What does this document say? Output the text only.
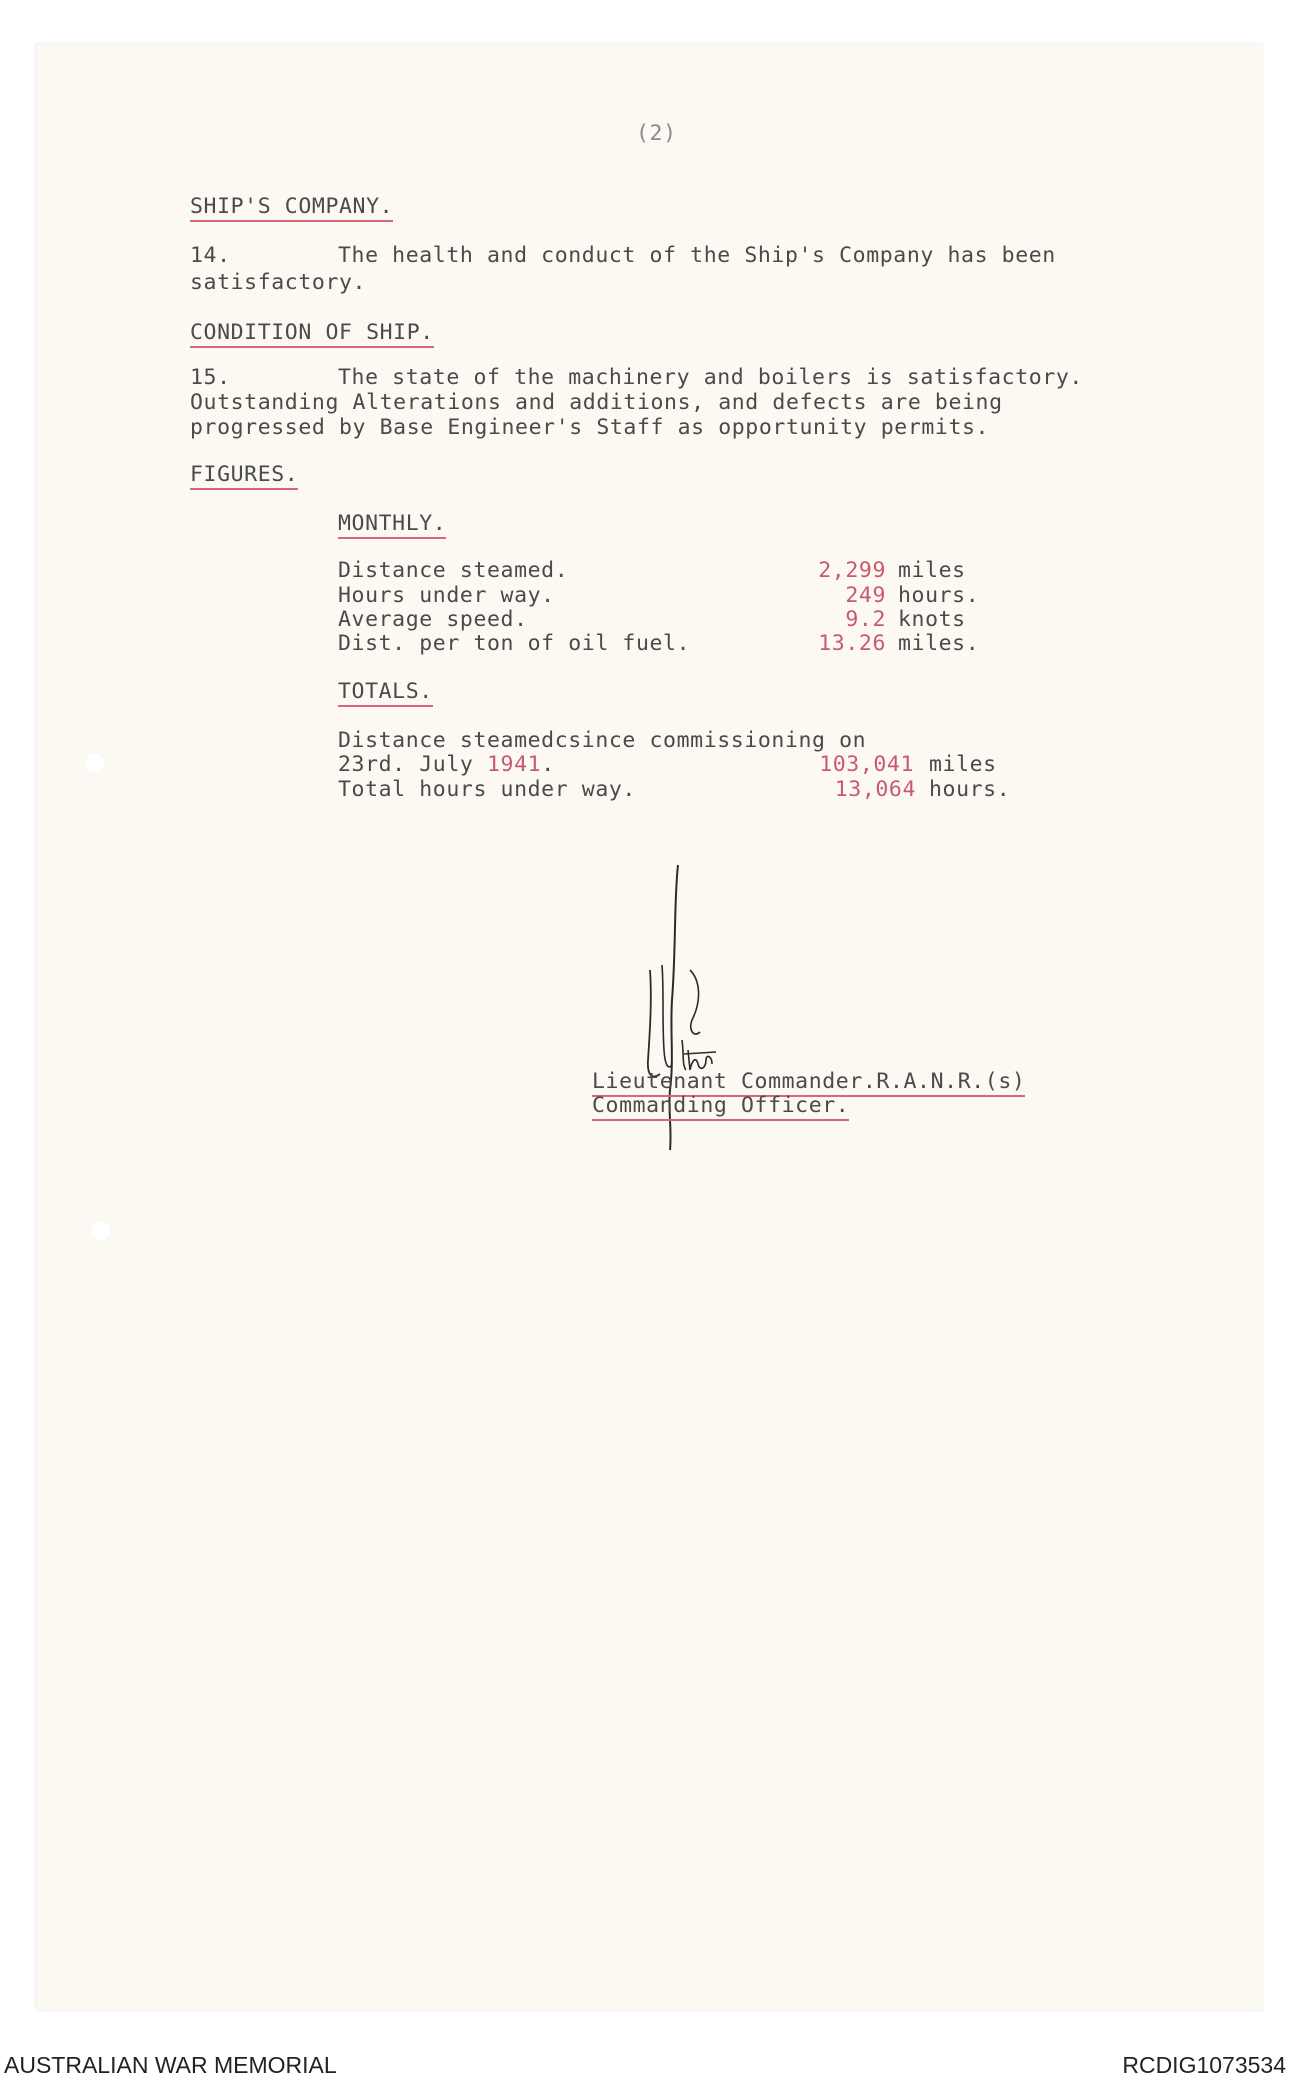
(2)
SHIP'S COMPANY.
14.	The health and conduct of the Ship's Company has been
satisfactory.
CONDITION OF SHIP.
15.	The state of the machinery and boilers is satisfactory.
Outstanding Alterations and additions, and defects are being
progressed by Base Engineer's Staff as opportunity permits.
FIGURES.
MONTHLY.
Distance steamed.	2,299 miles
Hours under way.	249 hours.
Average speed.	9.2 knots
Dist. per ton of oil fuel.	13.26 miles.
TOTALS.
Distance steamedcsince commissioning on
23rd. July 1941.	103,041 miles
Total hours under way.	13,064 hours.
Lieutenant Commander.R.A.N.R.(s)
Commanding Officer.
AUSTRALIAN WAR MEMORIAL	RCDIG1073534
